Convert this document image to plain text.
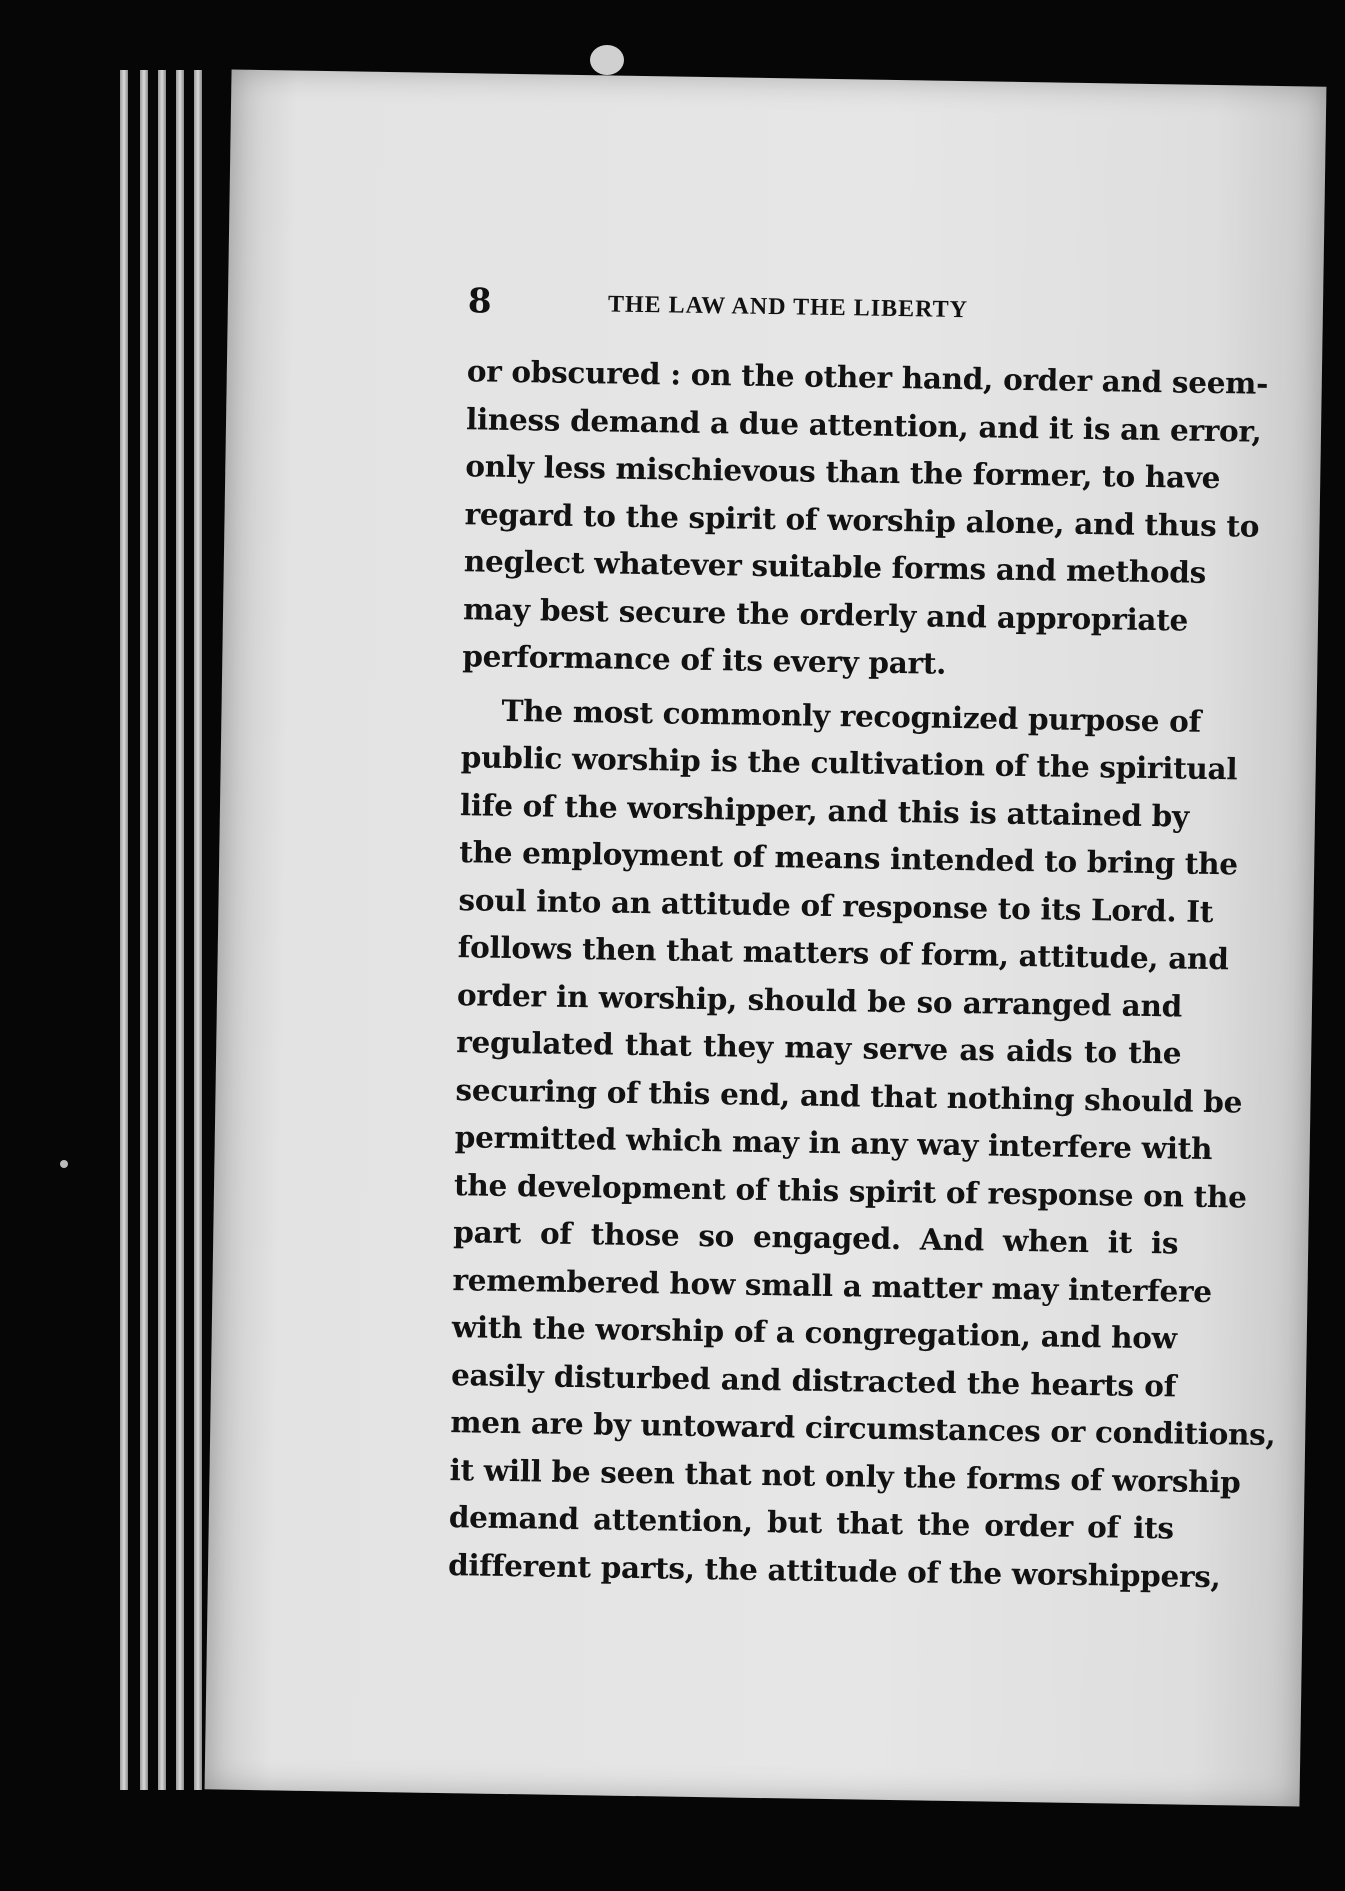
8	THE LAW AND THE LIBERTY
or obscured : on the other hand, order and seem-
liness demand a due attention, and it is an error,
only less mischievous than the former, to have
regard to the spirit of worship alone, and thus to
neglect whatever suitable forms and methods
may best secure the orderly and appropriate
performance of its every part.
The most commonly recognized purpose of
public worship is the cultivation of the spiritual
life of the worshipper, and this is attained by
the employment of means intended to bring the
soul into an attitude of response to its Lord. It
follows then that matters of form, attitude, and
order in worship, should be so arranged and
regulated that they may serve as aids to the
securing of this end, and that nothing should be
permitted which may in any way interfere with
the development of this spirit of response on the
part of those so engaged. And when it is
remembered how small a matter may interfere
with the worship of a congregation, and how
easily disturbed and distracted the hearts of
men are by untoward circumstances or conditions,
it will be seen that not only the forms of worship
demand attention, but that the order of its
different parts, the attitude of the worshippers,
